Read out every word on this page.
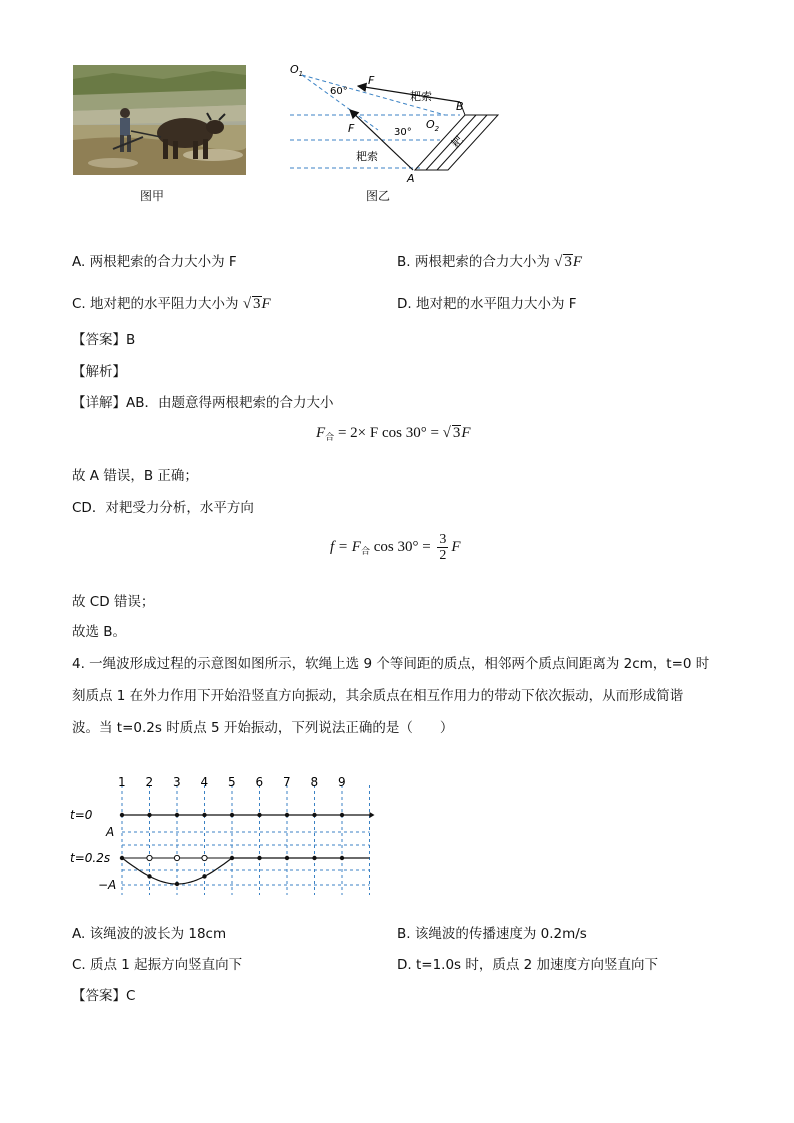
图甲
$O_1$
60°
F
耙索
B
F	30°
$O_2$
耙
耙索
A
图乙
A. 两根耙索的合力大小为 F	B. 两根耙索的合力大小为 √ 3F
C. 地对耙的水平阻力大小为 √ 3F	D. 地对耙的水平阻力大小为 F
【答案】B
【解析】
【详解】AB．由题意得两根耙索的合力大小
$F_合 = 2\times F$ cos 30° = √ 3F
故 A 错误，B 正确；
CD．对耙受力分析，水平方向
$f = F_合$ $\cos 30^\circ = \frac{3}{2}$ F
故 CD 错误；
故选 B。
4. 一绳波形成过程的示意图如图所示，软绳上选 9 个等间距的质点，相邻两个质点间距离为 2cm，t=0 时
刻质点 1 在外力作用下开始沿竖直方向振动，其余质点在相互作用力的带动下依次振动，从而形成简谐
波。当 t=0.2s 时质点 5 开始振动，下列说法正确的是（　　）
1 2 3 4 5 6 7 8 9
t=0
A
t=0.2s
−A
A. 该绳波的波长为 18cm	B. 该绳波的传播速度为 0.2m/s
C. 质点 1 起振方向竖直向下	D. t=1.0s 时，质点 2 加速度方向竖直向下
【答案】C
